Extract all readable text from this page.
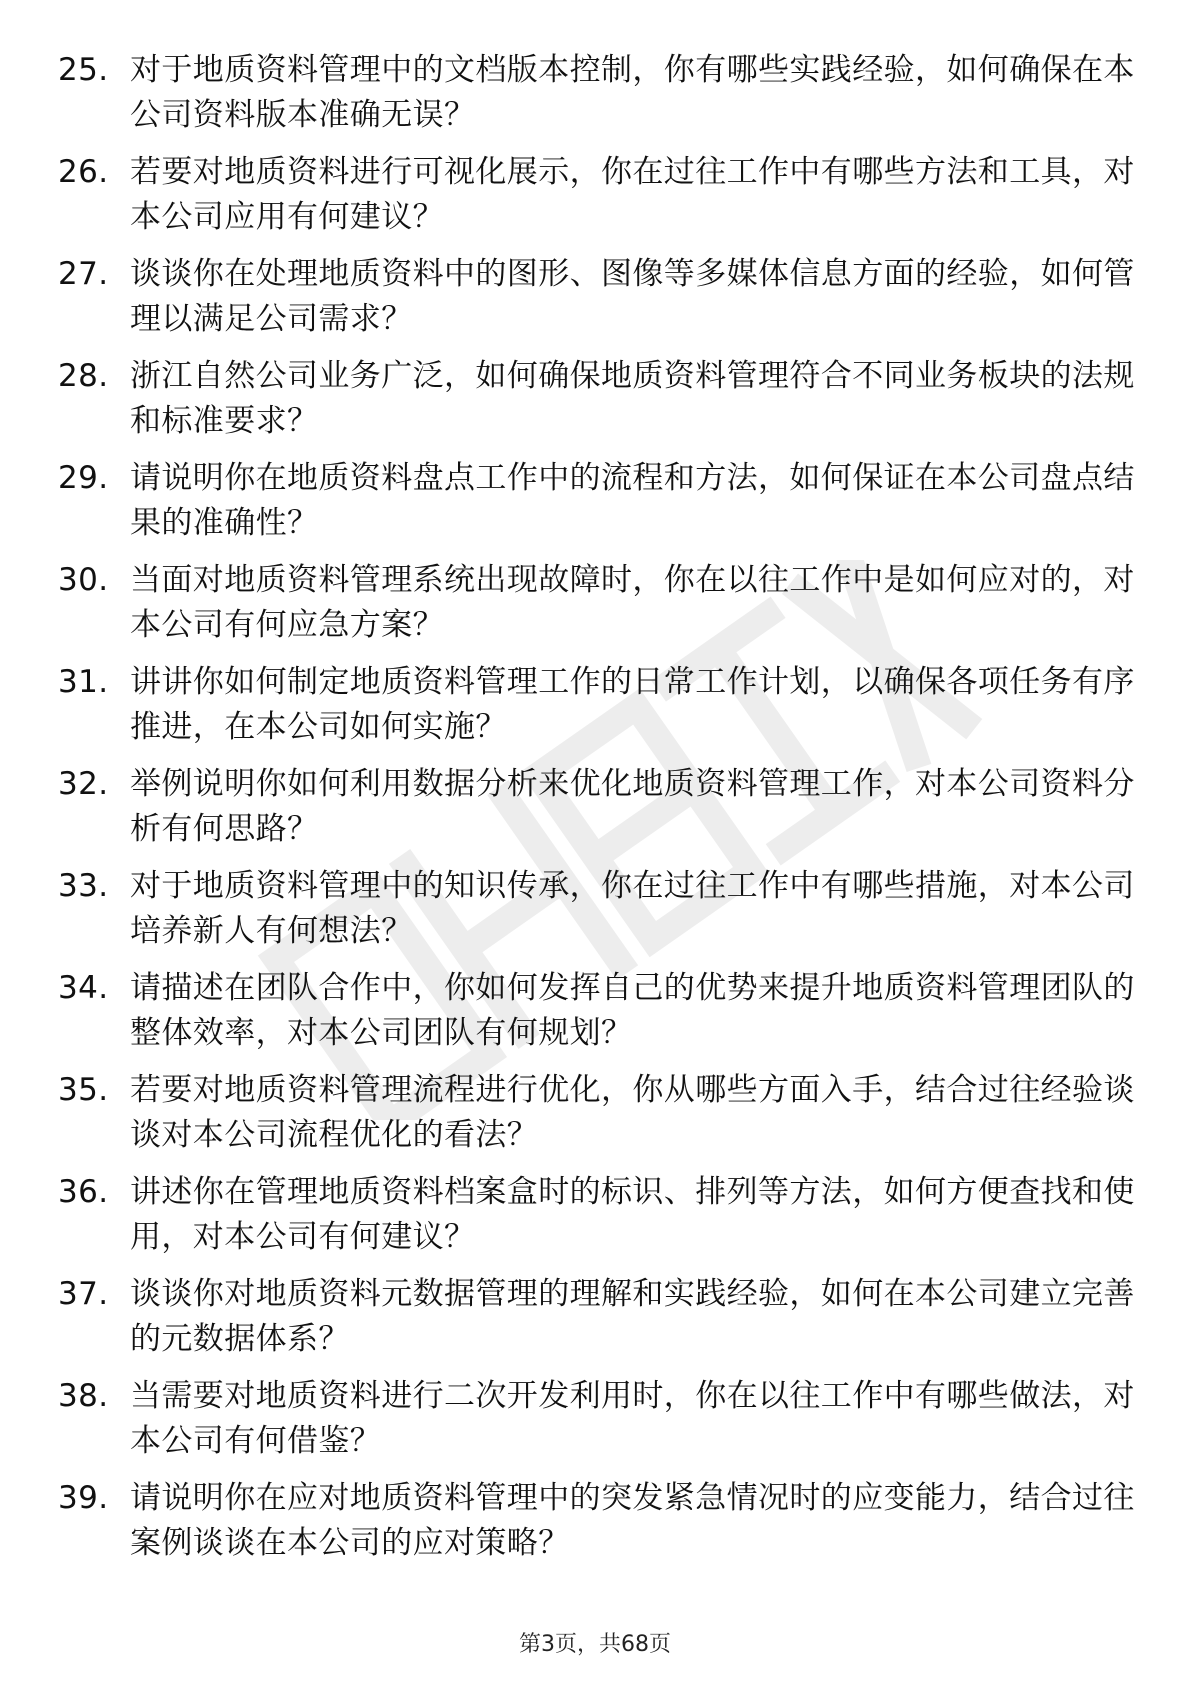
25. 对于地质资料管理中的文档版本控制，你有哪些实践经验，如何确保在本公司资料版本准确无误？
26. 若要对地质资料进行可视化展示，你在过往工作中有哪些方法和工具，对本公司应用有何建议？
27. 谈谈你在处理地质资料中的图形、图像等多媒体信息方面的经验，如何管理以满足公司需求？
28. 浙江自然公司业务广泛，如何确保地质资料管理符合不同业务板块的法规和标准要求？
29. 请说明你在地质资料盘点工作中的流程和方法，如何保证在本公司盘点结果的准确性？
30. 当面对地质资料管理系统出现故障时，你在以往工作中是如何应对的，对本公司有何应急方案？
31. 讲讲你如何制定地质资料管理工作的日常工作计划，以确保各项任务有序推进，在本公司如何实施？
32. 举例说明你如何利用数据分析来优化地质资料管理工作，对本公司资料分析有何思路？
33. 对于地质资料管理中的知识传承，你在过往工作中有哪些措施，对本公司培养新人有何想法？
34. 请描述在团队合作中，你如何发挥自己的优势来提升地质资料管理团队的整体效率，对本公司团队有何规划？
35. 若要对地质资料管理流程进行优化，你从哪些方面入手，结合过往经验谈谈对本公司流程优化的看法？
36. 讲述你在管理地质资料档案盒时的标识、排列等方法，如何方便查找和使用，对本公司有何建议？
37. 谈谈你对地质资料元数据管理的理解和实践经验，如何在本公司建立完善的元数据体系？
38. 当需要对地质资料进行二次开发利用时，你在以往工作中有哪些做法，对本公司有何借鉴？
39. 请说明你在应对地质资料管理中的突发紧急情况时的应变能力，结合过往案例谈谈在本公司的应对策略？
第3页，共68页
